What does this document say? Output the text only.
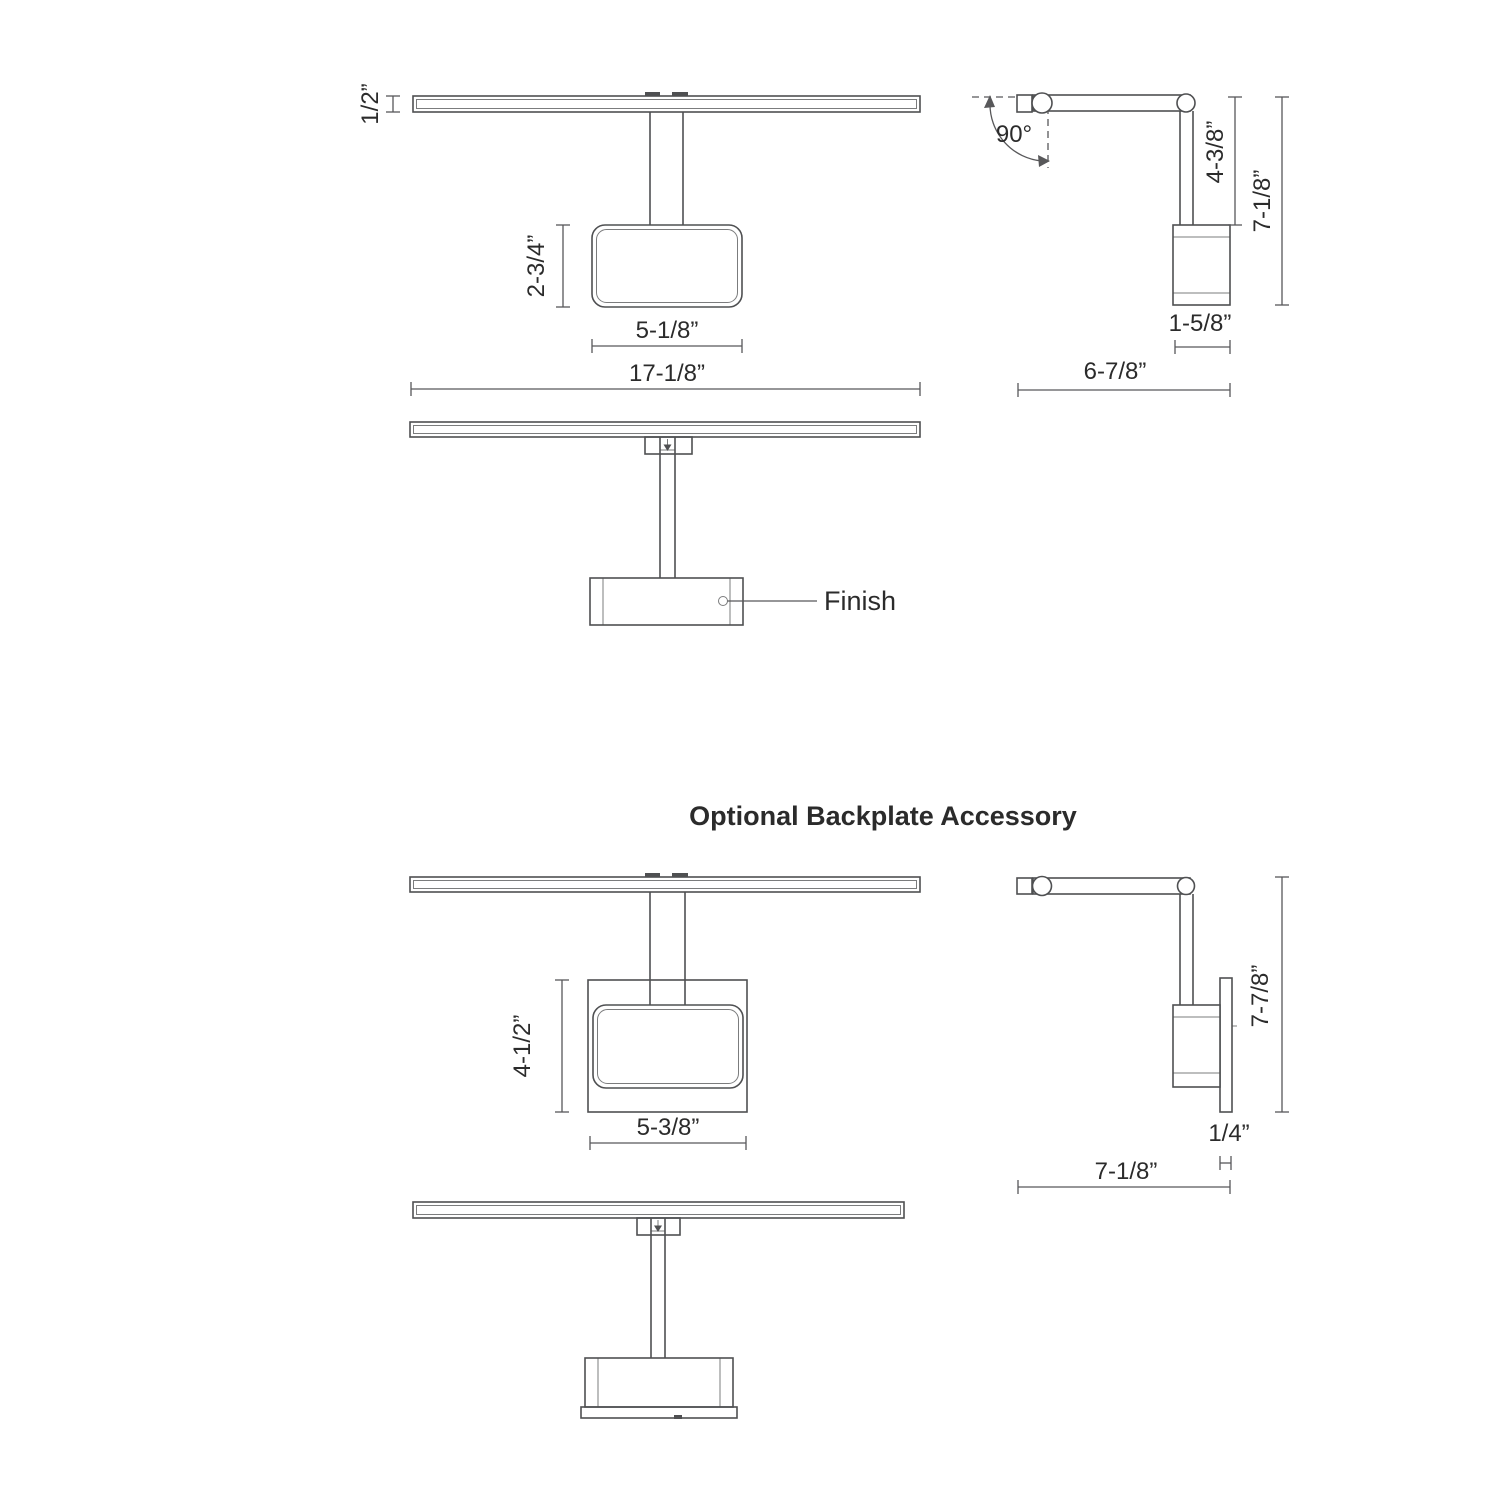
1/2”
2-3/4”
5-1/8”
17-1/8”
90°	4-3/8”
7-1/8”
1-5/8”
6-7/8”
Finish
Optional Backplate Accessory
4-1/2”
5-3/8”
7-7/8”
1/4”
7-1/8”
